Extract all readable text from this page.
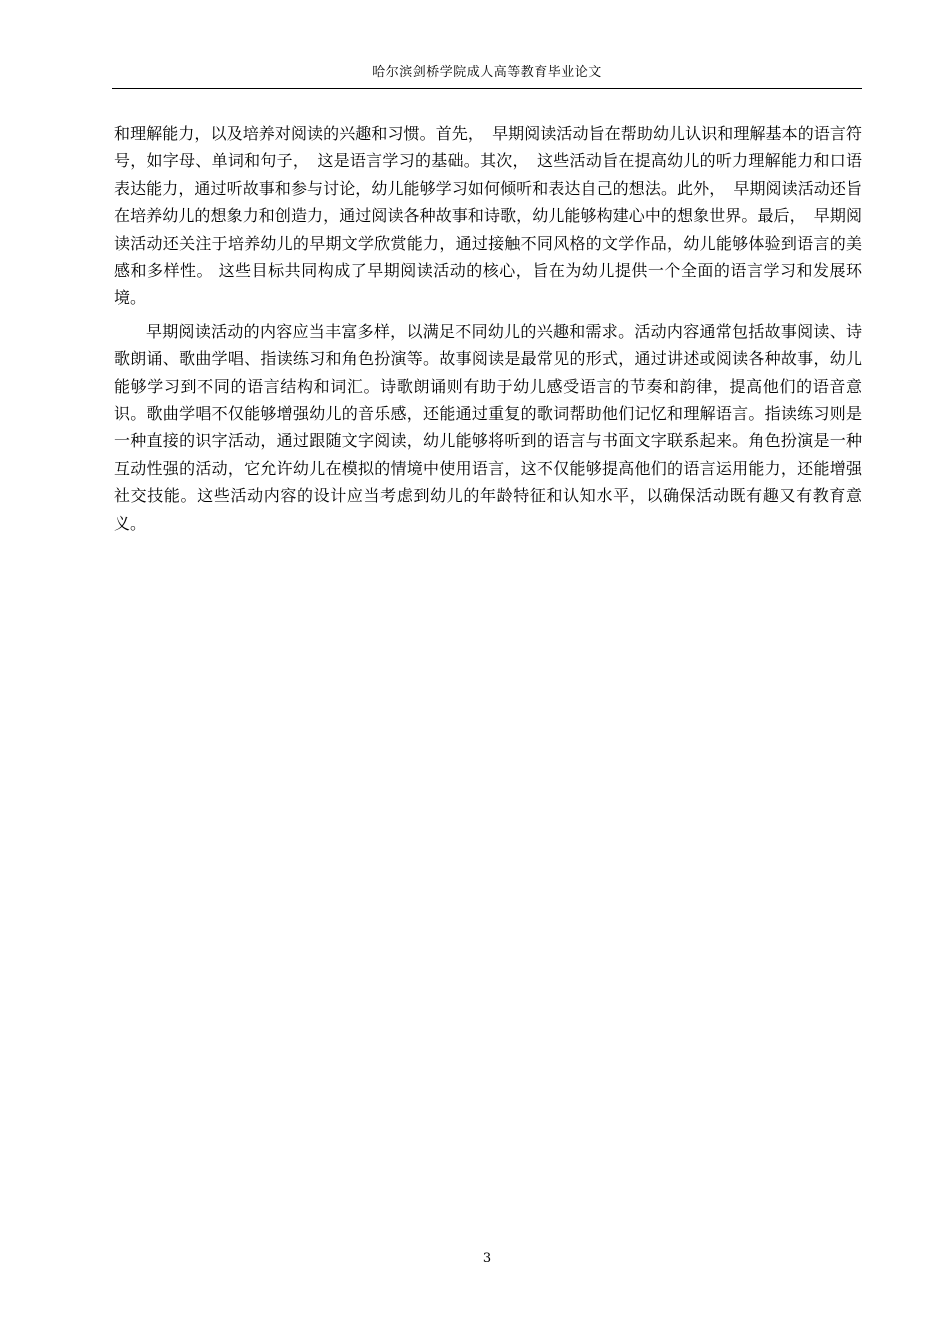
哈尔滨剑桥学院成人高等教育毕业论文

和理解能力，以及培养对阅读的兴趣和习惯。首先，　早期阅读活动旨在帮助幼儿认识和理解基本的语言符号，如字母、单词和句子，　这是语言学习的基础。其次，　这些活动旨在提高幼儿的听力理解能力和口语表达能力，通过听故事和参与讨论，幼儿能够学习如何倾听和表达自己的想法。此外，　早期阅读活动还旨在培养幼儿的想象力和创造力，通过阅读各种故事和诗歌，幼儿能够构建心中的想象世界。最后，　早期阅读活动还关注于培养幼儿的早期文学欣赏能力，通过接触不同风格的文学作品，幼儿能够体验到语言的美感和多样性。 这些目标共同构成了早期阅读活动的核心，旨在为幼儿提供一个全面的语言学习和发展环 境。

早期阅读活动的内容应当丰富多样，以满足不同幼儿的兴趣和需求。活动内容通常包括故事阅读、诗歌朗诵、歌曲学唱、指读练习和角色扮演等。故事阅读是最常见的形式，通过讲述或阅读各种故事，幼儿能够学习到不同的语言结构和词汇。诗歌朗诵则有助于幼儿感受语言的节奏和韵律，提高他们的语音意识。歌曲学唱不仅能够增强幼儿的音乐感，还能通过重复的歌词帮助他们记忆和理解语言。指读练习则是一种直接的识字活动，通过跟随文字阅读，幼儿能够将听到的语言与书面文字联系起来。角色扮演是一种互动性强的活动，它允许幼儿在模拟的情境中使用语言，这不仅能够提高他们的语言运用能力，还能增强社交技能。这些活动内容的设计应当考虑到幼儿的年龄特征和认知水平，以确保活动既有趣又有教育意义。

3
